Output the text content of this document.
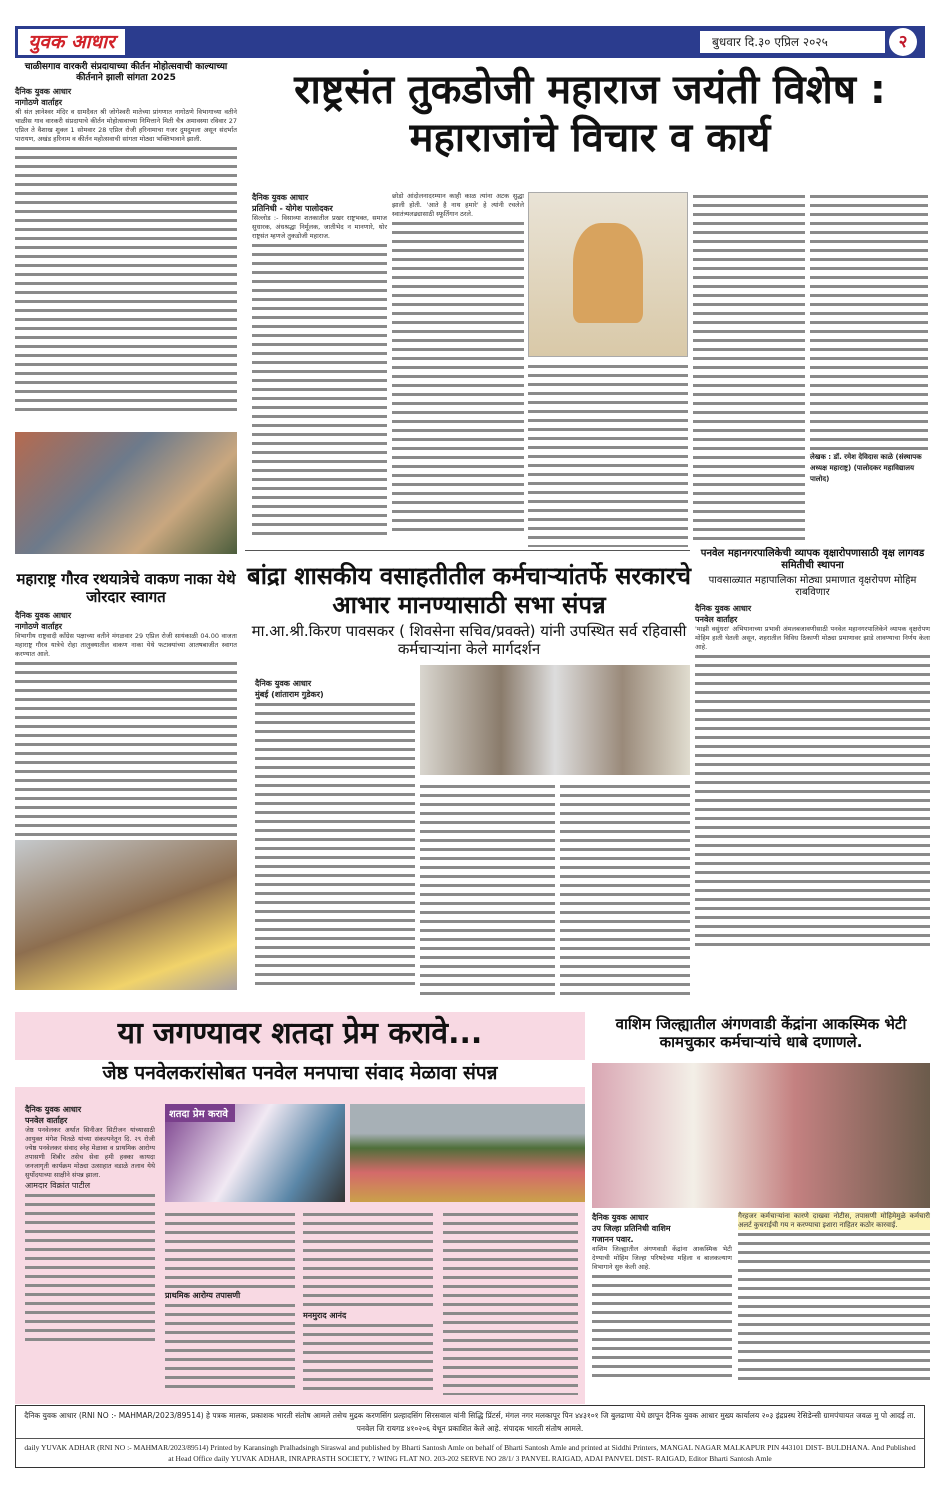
युवक आधार	बुधवार दि.३० एप्रिल २०२५	२
चाळीसगाव वारकरी संप्रदायाच्या कीर्तन मोहोत्सवाची काल्याच्या कीर्तनाने झाली सांगता 2025
दैनिक युवक आधार
नागोठणे वार्ताहर
श्री संत ज्ञानेश्वर मंदिर व ग्रामदैवत श्री जोगेश्वरी मातेच्या प्रांगणात नागोठणे विभागाच्या वतीने चाळीस गाव वारकरी संप्रदायाचे कीर्तन मोहोत्सवाच्या निमित्ताने मिती चैत्र अमावस्या रविवार 27 एप्रिल ते वैशाख शुक्ल 1 सोमवार 28 एप्रिल रोजी हरिनामाचा गजर दुमदुमला असून संदर्भात पारायण, अखंड हरिनाम व कीर्तन महोत्सवाची सांगता मोठ्या भक्तिभावाने झाली.
राष्ट्रसंत तुकडोजी महाराज जयंती विशेष :
महाराजांचे विचार व कार्य
दैनिक युवक आधार
प्रतिनिधी - योगेश पालोदकर
सिल्लोड :- विसाव्या शतकातील प्रखर राष्ट्रभक्त, समाज सुधारक, अंधश्रद्धा निर्मूलक, जातीभेद न मानणारे, थोर राष्ट्रसंत म्हणजे तुकडोजी महाराज.
छोडो आंदोलनादरम्यान काही काळ त्यांना अटक सुद्धा झाली होती. 'आते है नाथ हमारे' हे त्यांनी रचलेले स्वातंत्र्यलढ्यासाठी स्फूर्तिगान ठरले.
लेखक : डॉ. रमेश देविदास काळे (संस्थापक अध्यक्ष महाराष्ट्र) (पालोदकर महाविद्यालय पालोद)
महाराष्ट्र गौरव रथयात्रेचे वाकण नाका येथे जोरदार स्वागत
दैनिक युवक आधार
नागोठणे वार्ताहर
विभागीय राष्ट्रवादी काँग्रेस पक्षाच्या वतीने मंगळवार 29 एप्रिल रोजी सायंकाळी 04.00 वाजता महाराष्ट्र गौरव यात्रेचे रोहा तालुक्यातील वाकण नाका येथे फटाक्यांच्या आतषबाजीत स्वागत करण्यात आले.
बांद्रा शासकीय वसाहतीतील कर्मचाऱ्यांतर्फे सरकारचे आभार मानण्यासाठी सभा संपन्न
मा.आ.श्री.किरण पावसकर ( शिवसेना सचिव/प्रवक्ते) यांनी उपस्थित सर्व रहिवासी कर्मचाऱ्यांना केले मार्गदर्शन
दैनिक युवक आधार
मुंबई (शांताराम गुडेकर)
पनवेल महानगरपालिकेची व्यापक वृक्षारोपणासाठी वृक्ष लागवड समितीची स्थापना
पावसाळ्यात महापालिका मोठ्या प्रमाणात वृक्षरोपण मोहिम राबविणार
दैनिक युवक आधार
पनवेल वार्ताहर
'माझी वसुंधरा' अभियानाच्या प्रभावी अंमलबजावणीसाठी पनवेल महानगरपालिकेने व्यापक वृक्षरोपण मोहिम हाती घेतली असून, शहरातील विविध ठिकाणी मोठ्या प्रमाणावर झाडे लावण्याचा निर्णय केला आहे.
या जगण्यावर शतदा प्रेम करावे...
जेष्ठ पनवेलकरांसोबत पनवेल मनपाचा संवाद मेळावा संपन्न
दैनिक युवक आधार
पनवेल वार्ताहर
जेष्ठ पनवेलकर अर्थात सिनीअर सिटीजन यांच्यासाठी आयुक्त मंगेश चितळे यांच्या संकल्पनेतून दि. २९ रोजी ज्येष्ठ पनवेलकर संवाद स्नेह मेळावा व प्राथमिक आरोग्य तपासणी शिबीर तसेच सेवा हमी हक्का कायदा जनजागृती कार्यक्रम मोठ्या उत्साहात वडाळे तलाव येथे सुर्योदयाच्या साक्षीने संपन्न झाला.
आमदार विक्रांत पाटील
शतदा प्रेम करावे
प्राथमिक आरोग्य तपासणी
मनमुराद आनंद
वाशिम जिल्ह्यातील अंगणवाडी केंद्रांना आकस्मिक भेटी कामचुकार कर्मचाऱ्यांचे धाबे दणाणले.
दैनिक युवक आधार
उप जिल्हा प्रतिनिधी वाशिम
गजानन पवार.
वाशिम जिल्ह्यातील अंगणवाडी केंद्रांना आकस्मिक भेटी देण्याची मोहिम जिल्हा परिषदेच्या महिला व बालकल्याण विभागाने सुरु केली आहे.
गैरहजर कर्मचाऱ्यांना कारणे दाखवा नोटीस, तपासणी मोहिमेमुळे कर्मचारी अलर्ट कुचराईची गय न करण्याचा इशारा नाहितर कठोर कारवाई.
दैनिक युवक आधार (RNI NO :- MAHMAR/2023/89514) हे पत्रक मालक, प्रकाशक भारती संतोष आमले तसेच मुद्रक करणसिंग प्रल्हादसिंग सिरसवाल यांनी सिद्धि प्रिंटर्स, मंगल नगर मलकापूर पिन ४४३१०१ जि बुलढाणा येथे छापून दैनिक युवक आधार मुख्य कार्यालय २०३ इंद्रप्रस्थ रेसिडेन्सी ग्रामपंचायत जवळ मु पो आदई ता. पनवेल जि रायगड ४१०२०६ येथून प्रकाशित केले आहे. संपादक भारती संतोष आमले.
daily YUVAK ADHAR (RNI NO :- MAHMAR/2023/89514) Printed by Karansingh Pralhadsingh Siraswal and published by Bharti Santosh Amle on behalf of Bharti Santosh Amle and printed at Siddhi Printers, MANGAL NAGAR MALKAPUR PIN 443101 DIST- BULDHANA. And Published at Head Office daily YUVAK ADHAR, INRAPRASTH SOCIETY, ? WING FLAT NO. 203-202 SERVE NO 28/1/ 3 PANVEL RAIGAD, ADAI PANVEL DIST- RAIGAD, Editor Bharti Santosh Amle
